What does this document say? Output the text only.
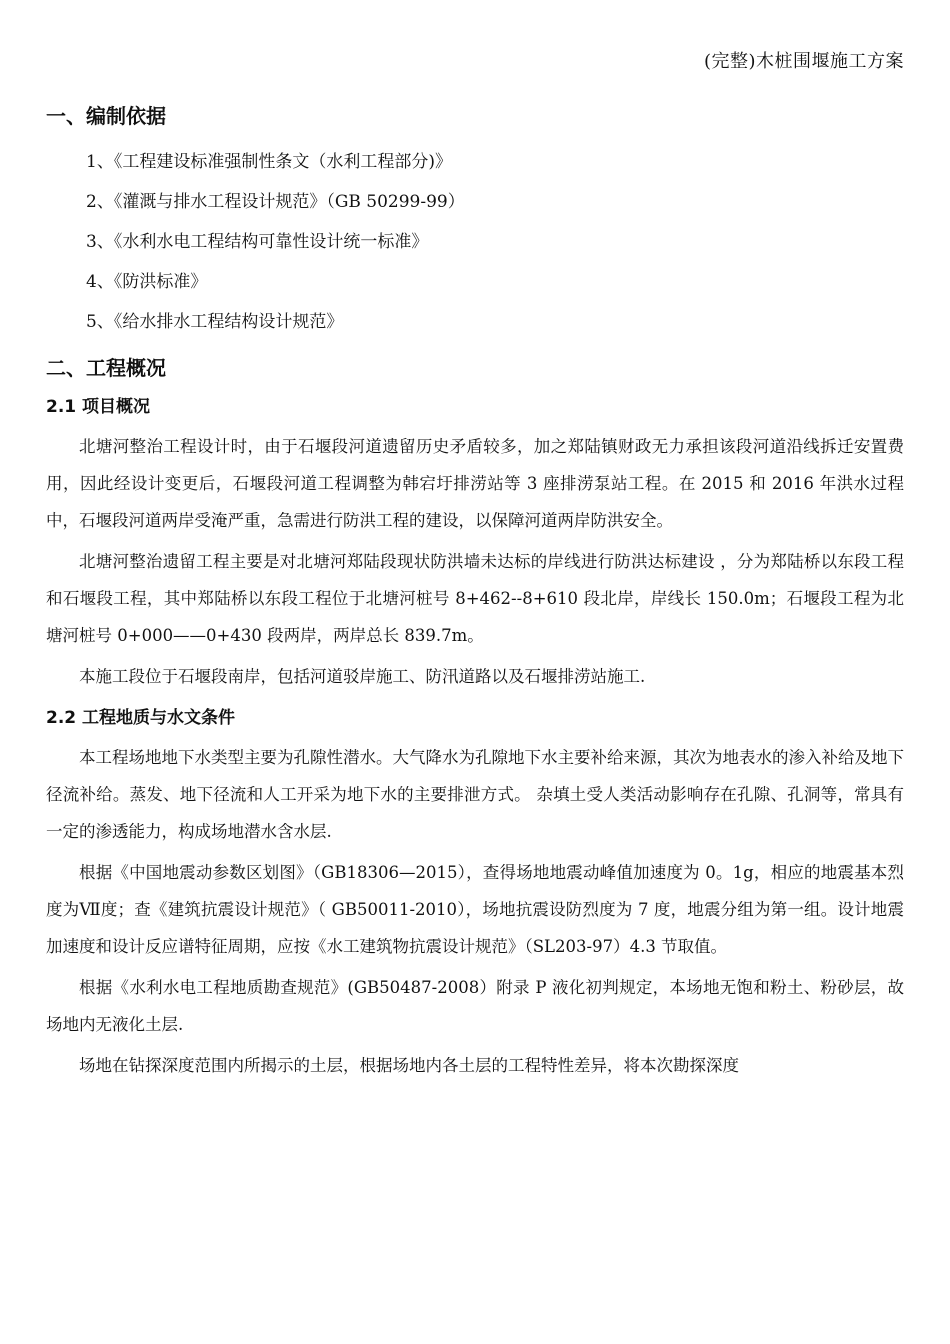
(完整)木桩围堰施工方案
一、编制依据
1、《工程建设标准强制性条文（水利工程部分)》
2、《灌溉与排水工程设计规范》（GB 50299-99）
3、《水利水电工程结构可靠性设计统一标准》
4、《防洪标准》
5、《给水排水工程结构设计规范》
二、工程概况
2.1 项目概况

北塘河整治工程设计时，由于石堰段河道遗留历史矛盾较多，加之郑陆镇财政无力承担该段河道沿线拆迁安置费用，因此经设计变更后，石堰段河道工程调整为韩宕圩排涝站等 3 座排涝泵站工程。在 2015 和 2016 年洪水过程中，石堰段河道两岸受淹严重，急需进行防洪工程的建设，以保障河道两岸防洪安全。

北塘河整治遗留工程主要是对北塘河郑陆段现状防洪墙未达标的岸线进行防洪达标建设 ，分为郑陆桥以东段工程和石堰段工程，其中郑陆桥以东段工程位于北塘河桩号 8+462--8+610 段北岸，岸线长 150.0m；石堰段工程为北塘河桩号 0+000——0+430 段两岸，两岸总长 839.7m。

本施工段位于石堰段南岸，包括河道驳岸施工、防汛道路以及石堰排涝站施工.

2.2 工程地质与水文条件

本工程场地地下水类型主要为孔隙性潜水。大气降水为孔隙地下水主要补给来源，其次为地表水的渗入补给及地下径流补给。蒸发、地下径流和人工开采为地下水的主要排泄方式。 杂填土受人类活动影响存在孔隙、孔洞等，常具有一定的渗透能力，构成场地潜水含水层.

根据《中国地震动参数区划图》（GB18306—2015），查得场地地震动峰值加速度为 0。1g，相应的地震基本烈度为Ⅶ度；查《建筑抗震设计规范》（ GB50011-2010），场地抗震设防烈度为 7 度，地震分组为第一组。设计地震加速度和设计反应谱特征周期，应按《水工建筑物抗震设计规范》（SL203-97）4.3 节取值。

根据《水利水电工程地质勘查规范》(GB50487-2008）附录 P 液化初判规定，本场地无饱和粉土、粉砂层，故场地内无液化土层.

场地在钻探深度范围内所揭示的土层，根据场地内各土层的工程特性差异，将本次勘探深度
